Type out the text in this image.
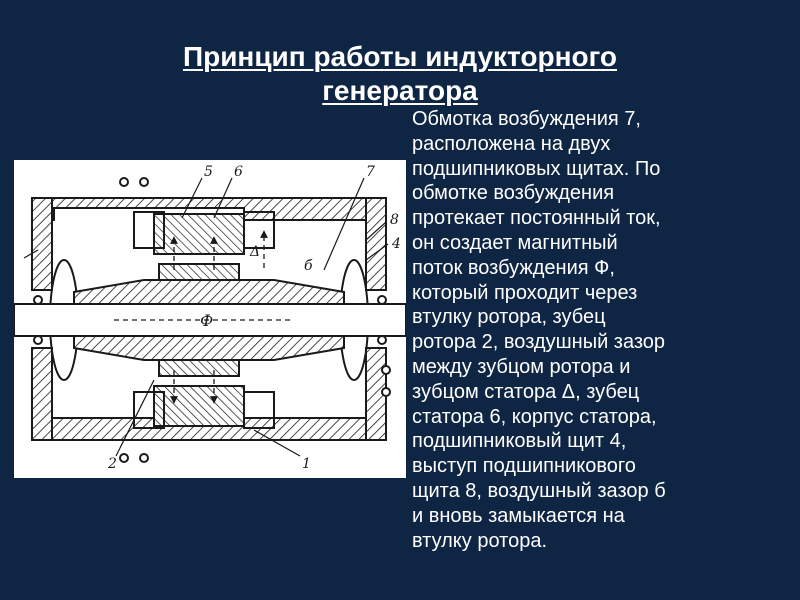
Принцип работы индукторного
генератора
5 6	7
8
4
2	1
Ф
Δ
б
Обмотка возбуждения 7,
расположена на двух
подшипниковых щитах. По
обмотке возбуждения
протекает постоянный ток,
он создает магнитный
поток возбуждения Ф,
который проходит через
втулку ротора, зубец
ротора 2, воздушный зазор
между зубцом ротора и
зубцом статора Δ, зубец
статора 6, корпус статора,
подшипниковый щит 4,
выступ подшипникового
щита 8, воздушный зазор б
и вновь замыкается на
втулку ротора.
